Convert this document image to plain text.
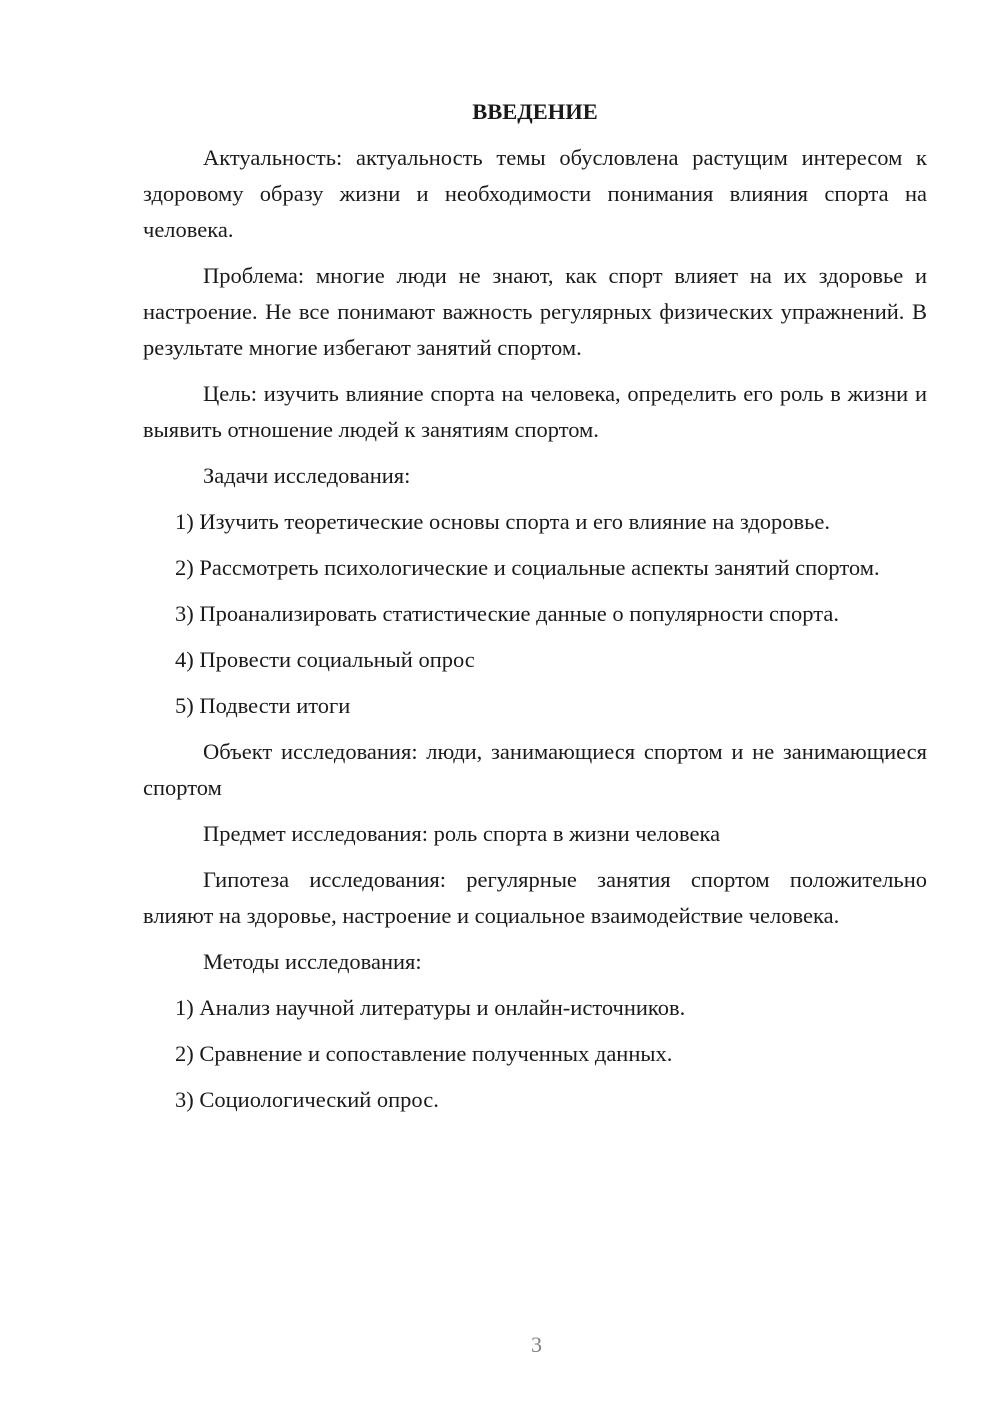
ВВЕДЕНИЕ

Актуальность: актуальность темы обусловлена растущим интересом к здоровому образу жизни и необходимости понимания влияния спорта на человека.

Проблема: многие люди не знают, как спорт влияет на их здоровье и настроение. Не все понимают важность регулярных физических упражнений. В результате многие избегают занятий спортом.

Цель: изучить влияние спорта на человека, определить его роль в жизни и выявить отношение людей к занятиям спортом.

Задачи исследования:

1) Изучить теоретические основы спорта и его влияние на здоровье.

2) Рассмотреть психологические и социальные аспекты занятий спортом.

3) Проанализировать статистические данные о популярности спорта.

4) Провести социальный опрос

5) Подвести итоги

Объект исследования: люди, занимающиеся спортом и не занимающиеся спортом

Предмет исследования: роль спорта в жизни человека

Гипотеза исследования: регулярные занятия спортом положительно влияют на здоровье, настроение и социальное взаимодействие человека.

Методы исследования:

1) Анализ научной литературы и онлайн-источников.

2) Сравнение и сопоставление полученных данных.

3) Социологический опрос.

3
